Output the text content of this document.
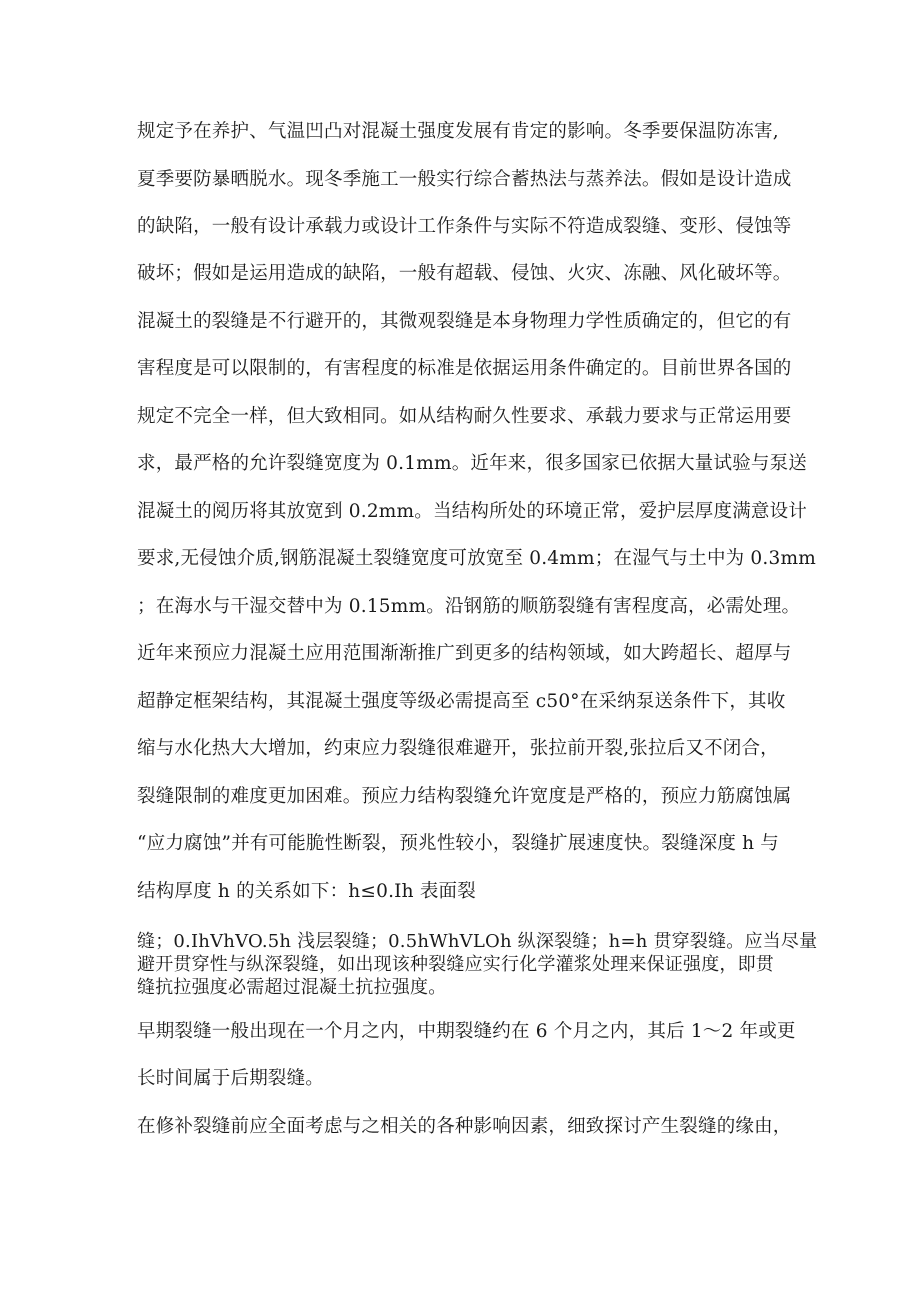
规定予在养护、气温凹凸对混凝土强度发展有肯定的影响。冬季要保温防冻害,
夏季要防暴晒脱水。现冬季施工一般实行综合蓄热法与蒸养法。假如是设计造成
的缺陷，一般有设计承载力或设计工作条件与实际不符造成裂缝、变形、侵蚀等
破坏；假如是运用造成的缺陷，一般有超载、侵蚀、火灾、冻融、风化破坏等。
混凝土的裂缝是不行避开的，其微观裂缝是本身物理力学性质确定的，但它的有
害程度是可以限制的，有害程度的标准是依据运用条件确定的。目前世界各国的
规定不完全一样，但大致相同。如从结构耐久性要求、承载力要求与正常运用要
求，最严格的允许裂缝宽度为 0.1mm。近年来，很多国家已依据大量试验与泵送
混凝土的阅历将其放宽到 0.2mm。当结构所处的环境正常，爱护层厚度满意设计
要求,无侵蚀介质,钢筋混凝土裂缝宽度可放宽至 0.4mm；在湿气与土中为 0.3mm
；在海水与干湿交替中为 0.15mm。沿钢筋的顺筋裂缝有害程度高，必需处理。
近年来预应力混凝土应用范围渐渐推广到更多的结构领域，如大跨超长、超厚与
超静定框架结构，其混凝土强度等级必需提高至 c50°在采纳泵送条件下，其收
缩与水化热大大增加，约束应力裂缝很难避开，张拉前开裂,张拉后又不闭合，
裂缝限制的难度更加困难。预应力结构裂缝允许宽度是严格的，预应力筋腐蚀属
“应力腐蚀”并有可能脆性断裂，预兆性较小，裂缝扩展速度快。裂缝深度 h 与
结构厚度 h 的关系如下：h≤0.Ih 表面裂
缝；0.IhVhVO.5h 浅层裂缝；0.5hWhVLOh 纵深裂缝；h=h 贯穿裂缝。应当尽量
避开贯穿性与纵深裂缝，如出现该种裂缝应实行化学灌浆处理来保证强度，即贯
缝抗拉强度必需超过混凝土抗拉强度。
早期裂缝一般出现在一个月之内，中期裂缝约在 6 个月之内，其后 1～2 年或更
长时间属于后期裂缝。
在修补裂缝前应全面考虑与之相关的各种影响因素，细致探讨产生裂缝的缘由，
